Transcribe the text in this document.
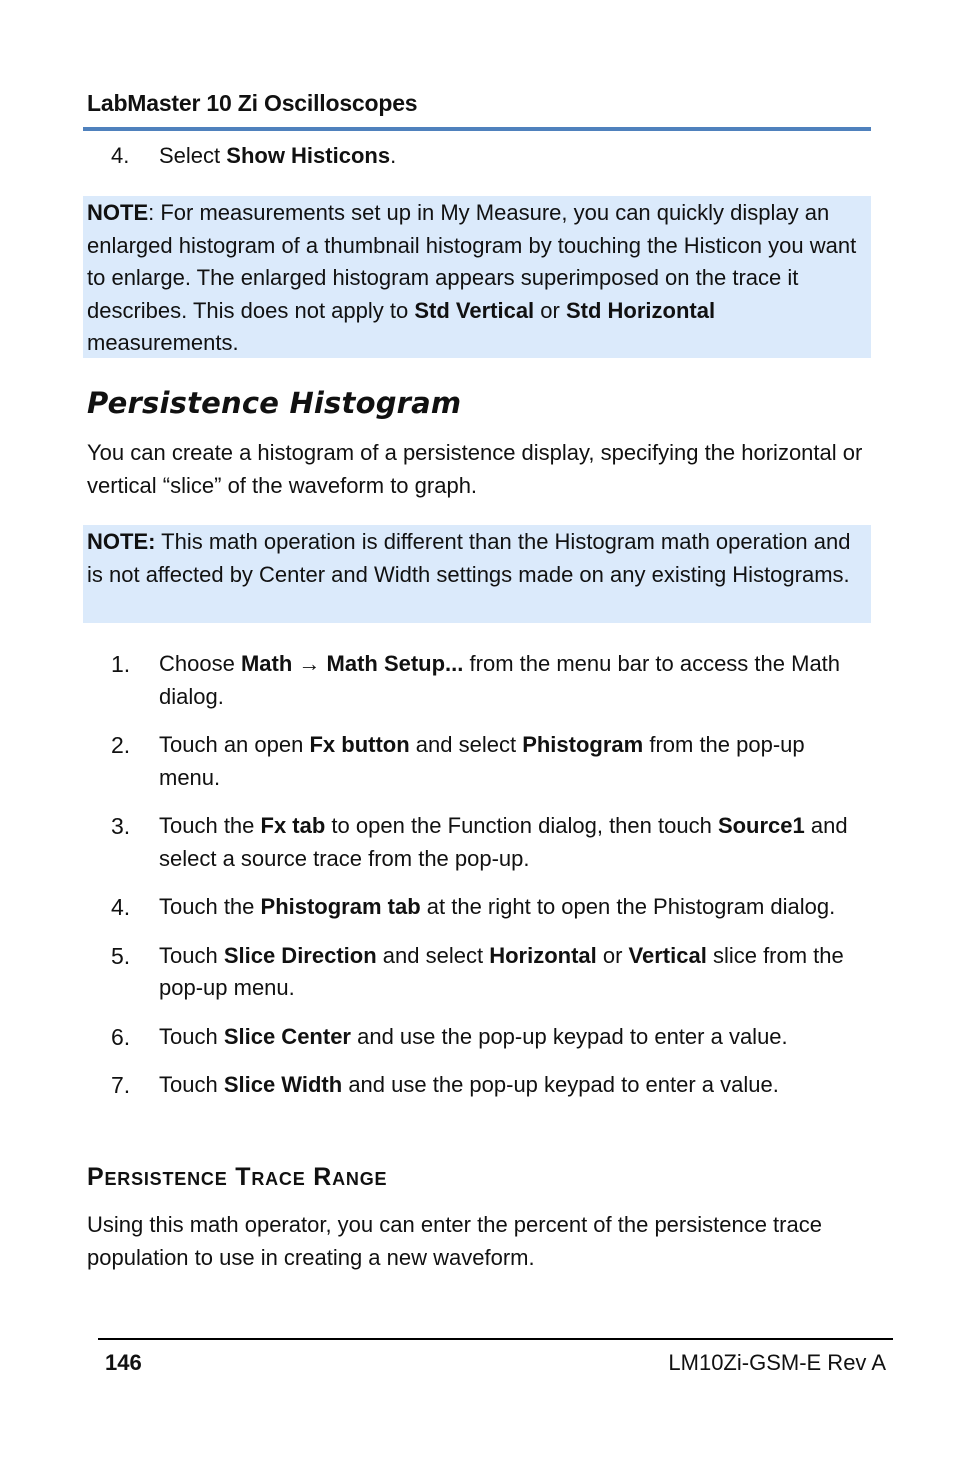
LabMaster 10 Zi Oscilloscopes
4.	Select Show Histicons.
NOTE: For measurements set up in My Measure, you can quickly display an enlarged histogram of a thumbnail histogram by touching the Histicon you want to enlarge. The enlarged histogram appears superimposed on the trace it describes. This does not apply to Std Vertical or Std Horizontal measurements.
Persistence Histogram
You can create a histogram of a persistence display, specifying the horizontal or vertical “slice” of the waveform to graph.
NOTE: This math operation is different than the Histogram math operation and is not affected by Center and Width settings made on any existing Histograms.
1.	Choose Math → Math Setup... from the menu bar to access the Math dialog.
2.	Touch an open Fx button and select Phistogram from the pop-up menu.
3.	Touch the Fx tab to open the Function dialog, then touch Source1 and select a source trace from the pop-up.
4.	Touch the Phistogram tab at the right to open the Phistogram dialog.
5.	Touch Slice Direction and select Horizontal or Vertical slice from the pop-up menu.
6.	Touch Slice Center and use the pop-up keypad to enter a value.
7.	Touch Slice Width and use the pop-up keypad to enter a value.
Persistence Trace Range
Using this math operator, you can enter the percent of the persistence trace population to use in creating a new waveform.
146	LM10Zi-GSM-E Rev A
